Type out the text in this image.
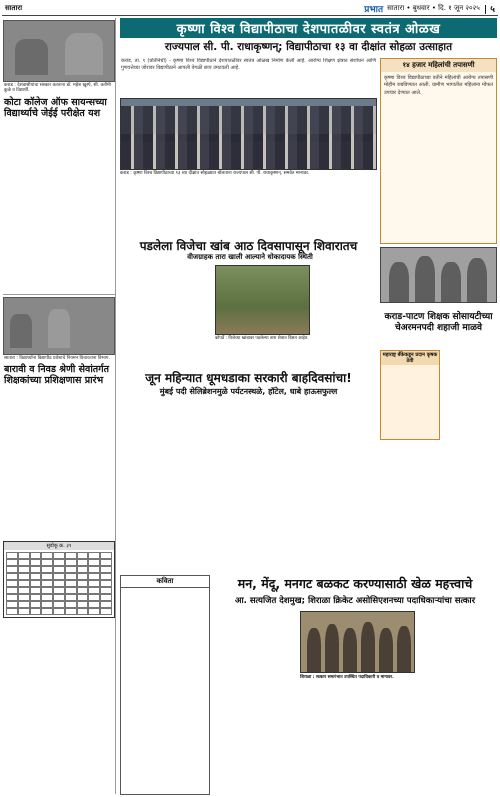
सातारा	प्रभात सातारा • बुधवार • दि. १ जून २०२५ | ५
कृष्णा विश्व विद्यापीठाचा देशपातळीवर स्वतंत्र ओळख
राज्यपाल सी. पी. राधाकृष्णन्; विद्यापीठाचा १३ वा दीक्षांत सोहळा उत्साहात
कराड : देशवासीयांचा संस्कार करताना डॉ. महेश खुस्पे, सी. करीमी कुळे व विद्यार्थी.
कोटा कॉलेज ऑफ सायन्सच्या विद्यार्थ्याचे जेईई परीक्षेत यश
सातारा : विद्यार्थ्यांना विद्यापीठ प्रवेशाचे नियमन विचारताना विभाग.
बारावी व निवड श्रेणी सेवांतर्गत शिक्षकांच्या प्रशिक्षणास प्रारंभ
सुडोकू क्र. ३१
कराड, ता. १ (प्रतिनिधी) - कृष्णा विश्व विद्यापीठाने देशपातळीवर स्वतंत्र ओळख निर्माण केली आहे. आरोग्य शिक्षण क्षेत्रात संशोधन आणि गुणवत्तेच्या जोरावर विद्यापीठाने आपली वेगळी छाप उमटवली आहे.
कराड : कृष्णा विश्व विद्यापीठाच्या १३ व्या दीक्षांत सोहळ्यात बोलताना राज्यपाल सी. पी. राधाकृष्णन्. समवेत मान्यवर.
१४ हजार महिलांची तपासणी
कृष्णा विश्व विद्यापीठाच्या वतीने महिलांची आरोग्य तपासणी मोहीम राबविण्यात आली. ग्रामीण भागातील महिलांना मोफत उपचार देण्यात आले.
पडलेला विजेचा खांब आठ दिवसापासून शिवारातच
वीजग्राहक तारा खाली आल्याने धोकादायक स्थिती
कोपर्डे : विजेच्या खांबावर पडलेल्या तारा शेतात दिसत आहेत.
कराड-पाटण शिक्षक सोसायटीच्या चेअरमनपदी शहाजी माळवे
महाराष्ट्र बँकेकडून प्रदान कृषक ठेवी
जून महिन्यात धूमधडाका सरकारी बाहदिवसांचा!
मुंबई पदी सेलिब्रेशनमुळे पर्यटनस्थळे, हॉटेल, धाबे हाऊसफुल्ल
कविता	मन, मेंदू, मनगट बळकट करण्यासाठी खेळ महत्त्वाचे
आ. सत्यजित देशमुख; शिराळा क्रिकेट असोसिएशनच्या पदाधिकाऱ्यांचा सत्कार
शिराळा : सत्कार समारंभात उपस्थित पदाधिकारी व मान्यवर.
